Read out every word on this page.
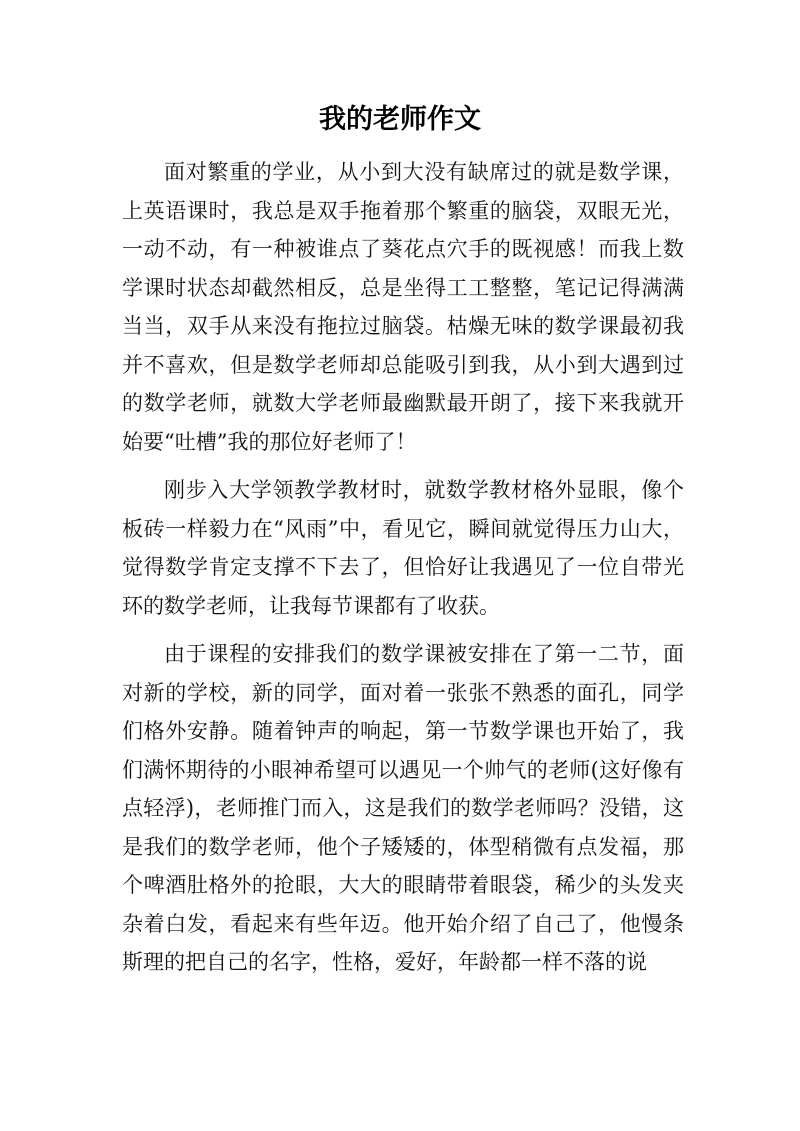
我的老师作文

面对繁重的学业，从小到大没有缺席过的就是数学课，上英语课时，我总是双手拖着那个繁重的脑袋，双眼无光，一动不动，有一种被谁点了葵花点穴手的既视感！而我上数学课时状态却截然相反，总是坐得工工整整，笔记记得满满当当，双手从来没有拖拉过脑袋。枯燥无味的数学课最初我并不喜欢，但是数学老师却总能吸引到我，从小到大遇到过的数学老师，就数大学老师最幽默最开朗了，接下来我就开始要“吐槽”我的那位好老师了！

刚步入大学领教学教材时，就数学教材格外显眼，像个板砖一样毅力在“风雨”中，看见它，瞬间就觉得压力山大，觉得数学肯定支撑不下去了，但恰好让我遇见了一位自带光环的数学老师，让我每节课都有了收获。

由于课程的安排我们的数学课被安排在了第一二节，面对新的学校，新的同学，面对着一张张不熟悉的面孔，同学们格外安静。随着钟声的响起，第一节数学课也开始了，我们满怀期待的小眼神希望可以遇见一个帅气的老师(这好像有点轻浮)，老师推门而入，这是我们的数学老师吗？没错，这是我们的数学老师，他个子矮矮的，体型稍微有点发福，那个啤酒肚格外的抢眼，大大的眼睛带着眼袋，稀少的头发夹杂着白发，看起来有些年迈。他开始介绍了自己了，他慢条斯理的把自己的名字，性格，爱好，年龄都一样不落的说
